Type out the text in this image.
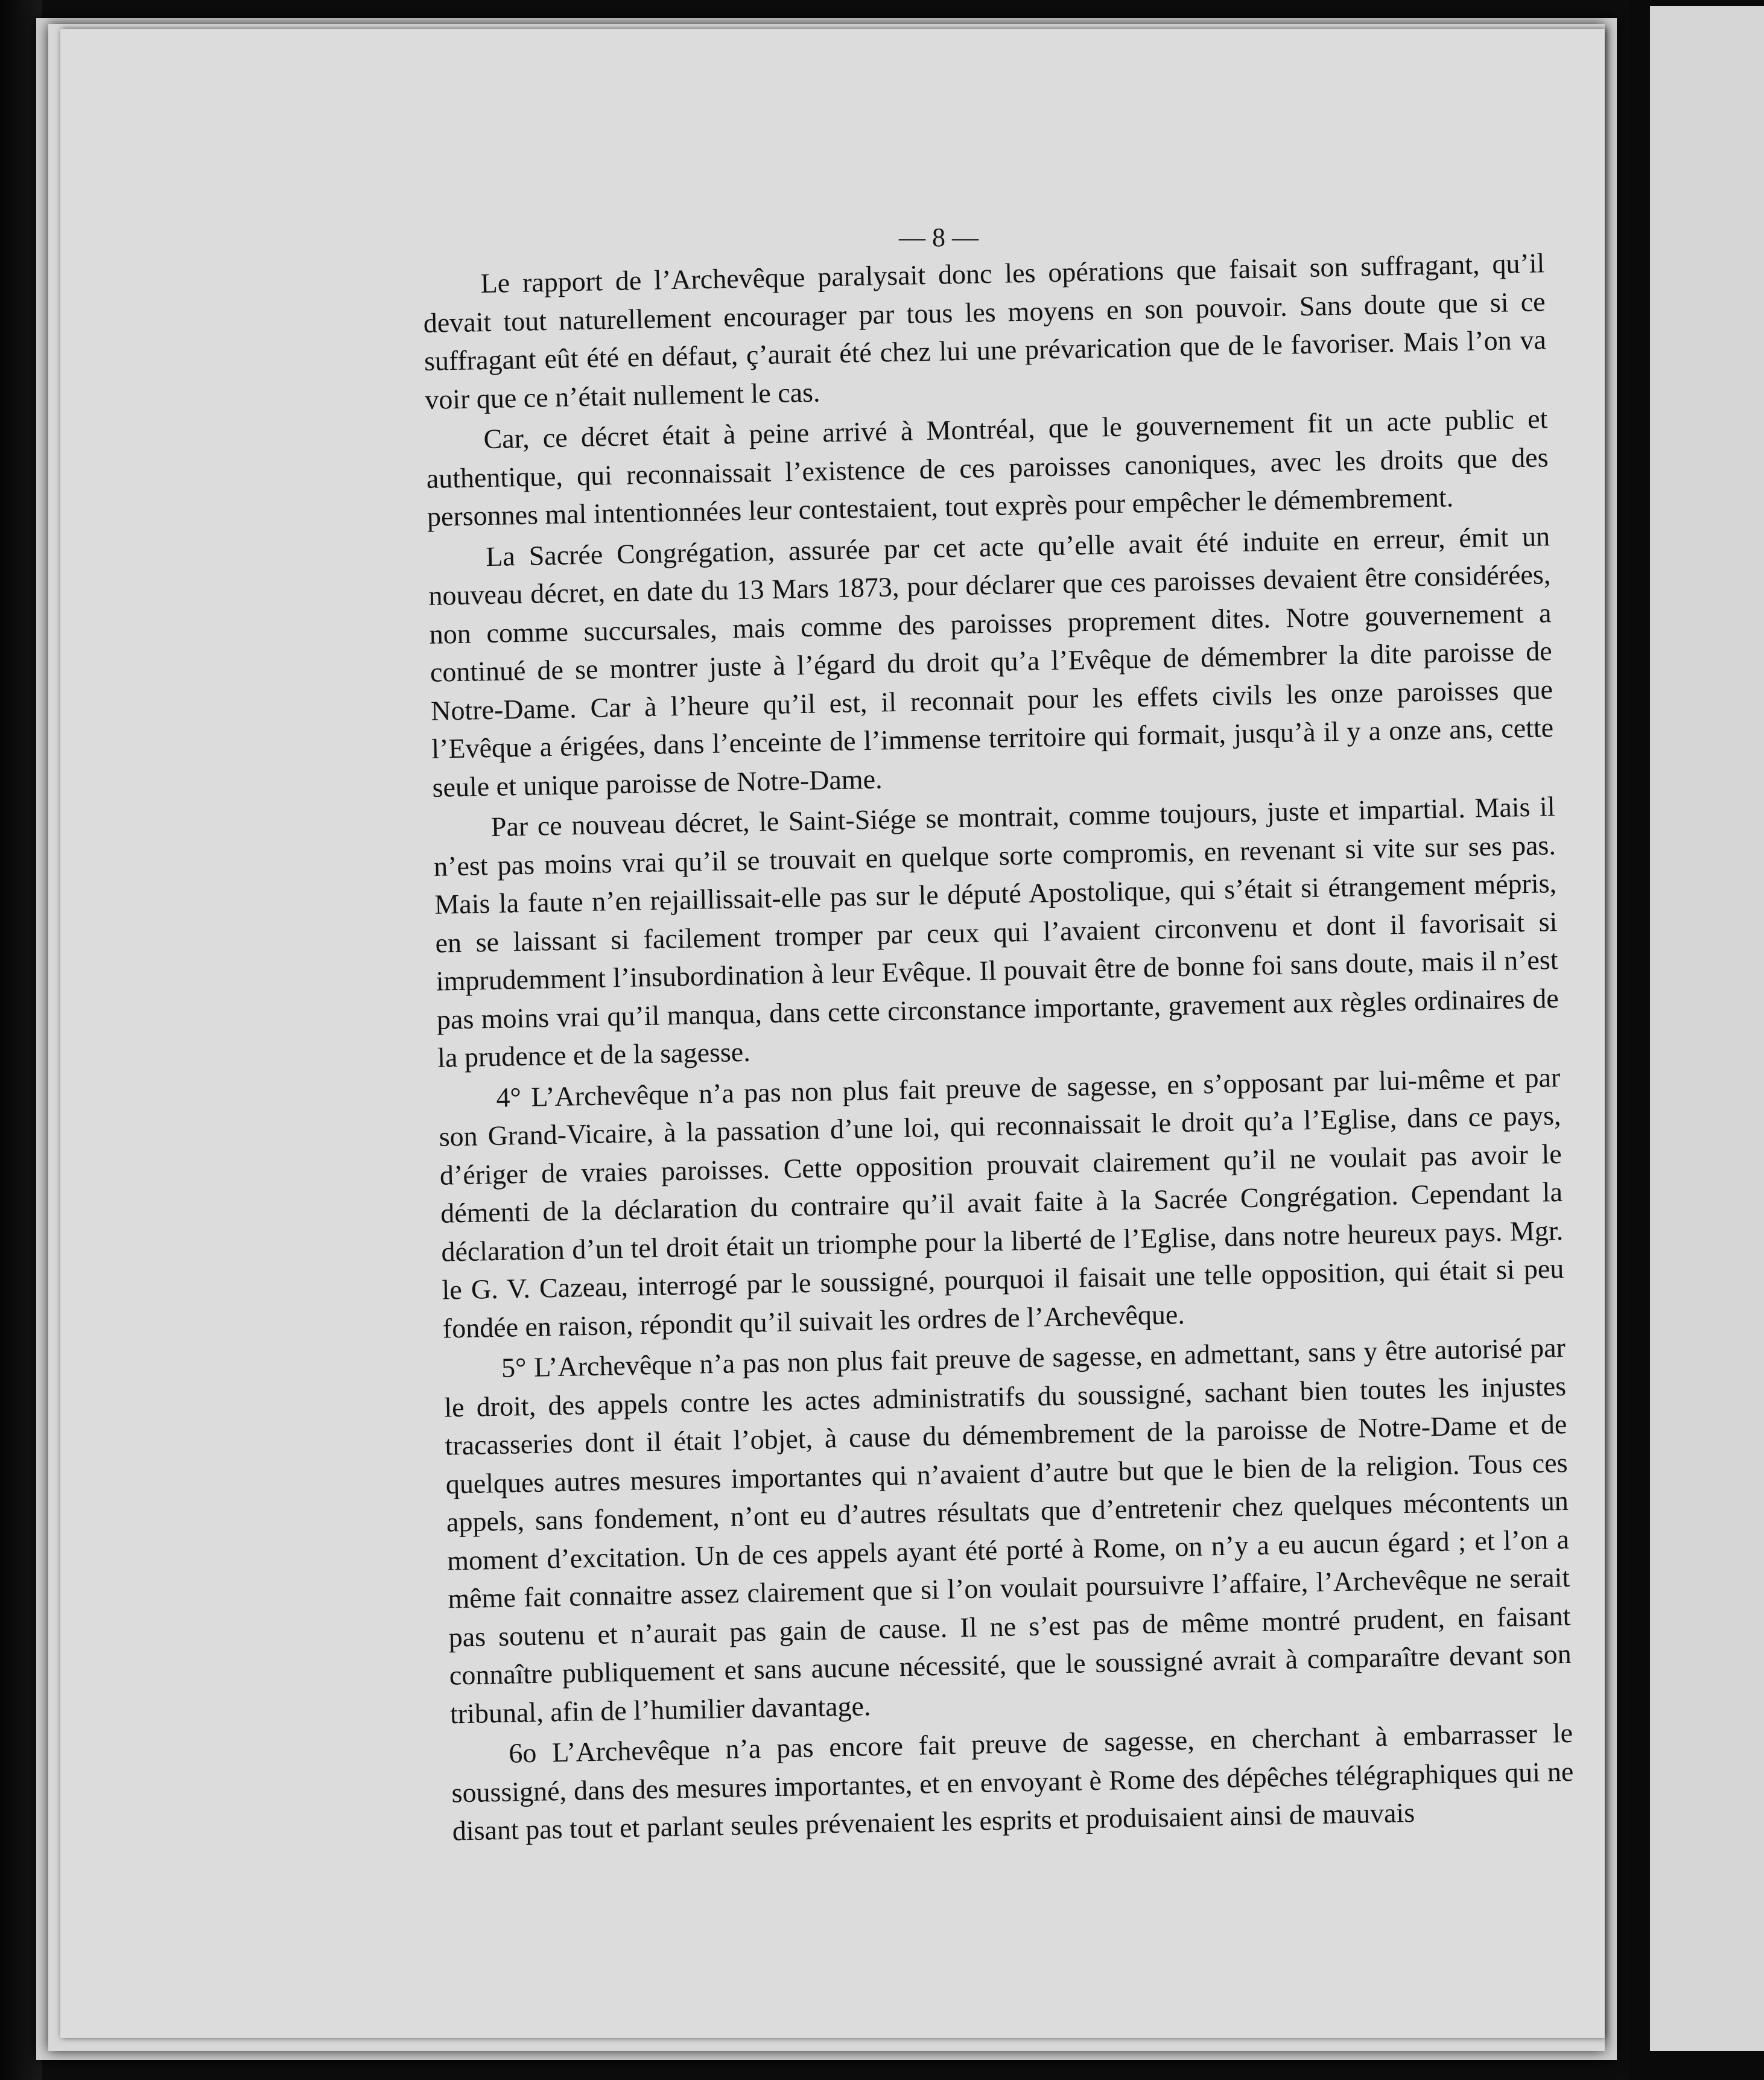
— 8 —

Le rapport de l’Archevêque paralysait donc les opérations que faisait son suffragant, qu’il devait tout naturellement encourager par tous les moyens en son pouvoir. Sans doute que si ce suffragant eût été en défaut, ç’aurait été chez lui une prévarication que de le favoriser. Mais l’on va voir que ce n’était nullement le cas.

Car, ce décret était à peine arrivé à Montréal, que le gouvernement fit un acte public et authentique, qui reconnaissait l’existence de ces paroisses canoniques, avec les droits que des personnes mal intentionnées leur contestaient, tout exprès pour empêcher le démembrement.

La Sacrée Congrégation, assurée par cet acte qu’elle avait été induite en erreur, émit un nouveau décret, en date du 13 Mars 1873, pour déclarer que ces paroisses devaient être considérées, non comme succursales, mais comme des paroisses proprement dites. Notre gouvernement a continué de se montrer juste à l’égard du droit qu’a l’Evêque de démembrer la dite paroisse de Notre-Dame. Car à l’heure qu’il est, il reconnait pour les effets civils les onze paroisses que l’Evêque a érigées, dans l’enceinte de l’immense territoire qui formait, jusqu’à il y a onze ans, cette seule et unique paroisse de Notre-Dame.

Par ce nouveau décret, le Saint-Siége se montrait, comme toujours, juste et impartial. Mais il n’est pas moins vrai qu’il se trouvait en quelque sorte compromis, en revenant si vite sur ses pas. Mais la faute n’en rejaillissait-elle pas sur le député Apostolique, qui s’était si étrangement mépris, en se laissant si facilement tromper par ceux qui l’avaient circonvenu et dont il favorisait si imprudemment l’insubordination à leur Evêque. Il pouvait être de bonne foi sans doute, mais il n’est pas moins vrai qu’il manqua, dans cette circonstance importante, gravement aux règles ordinaires de la prudence et de la sagesse.

4° L’Archevêque n’a pas non plus fait preuve de sagesse, en s’opposant par lui-même et par son Grand-Vicaire, à la passation d’une loi, qui reconnaissait le droit qu’a l’Eglise, dans ce pays, d’ériger de vraies paroisses. Cette opposition prouvait clairement qu’il ne voulait pas avoir le démenti de la déclaration du contraire qu’il avait faite à la Sacrée Congrégation. Cependant la déclaration d’un tel droit était un triomphe pour la liberté de l’Eglise, dans notre heureux pays. Mgr. le G. V. Cazeau, interrogé par le soussigné, pourquoi il faisait une telle opposition, qui était si peu fondée en raison, répondit qu’il suivait les ordres de l’Archevêque.

5° L’Archevêque n’a pas non plus fait preuve de sagesse, en admettant, sans y être autorisé par le droit, des appels contre les actes administratifs du soussigné, sachant bien toutes les injustes tracasseries dont il était l’objet, à cause du démembrement de la paroisse de Notre-Dame et de quelques autres mesures importantes qui n’avaient d’autre but que le bien de la religion. Tous ces appels, sans fondement, n’ont eu d’autres résultats que d’entretenir chez quelques mécontents un moment d’excitation. Un de ces appels ayant été porté à Rome, on n’y a eu aucun égard ; et l’on a même fait connaitre assez clairement que si l’on voulait poursuivre l’affaire, l’Archevêque ne serait pas soutenu et n’aurait pas gain de cause. Il ne s’est pas de même montré prudent, en faisant connaître publiquement et sans aucune nécessité, que le soussigné avrait à comparaître devant son tribunal, afin de l’humilier davantage.

6o L’Archevêque n’a pas encore fait preuve de sagesse, en cherchant à embarrasser le soussigné, dans des mesures importantes, et en envoyant è Rome des dépêches télégraphiques qui ne disant pas tout et parlant seules prévenaient les esprits et produisaient ainsi de mauvais
